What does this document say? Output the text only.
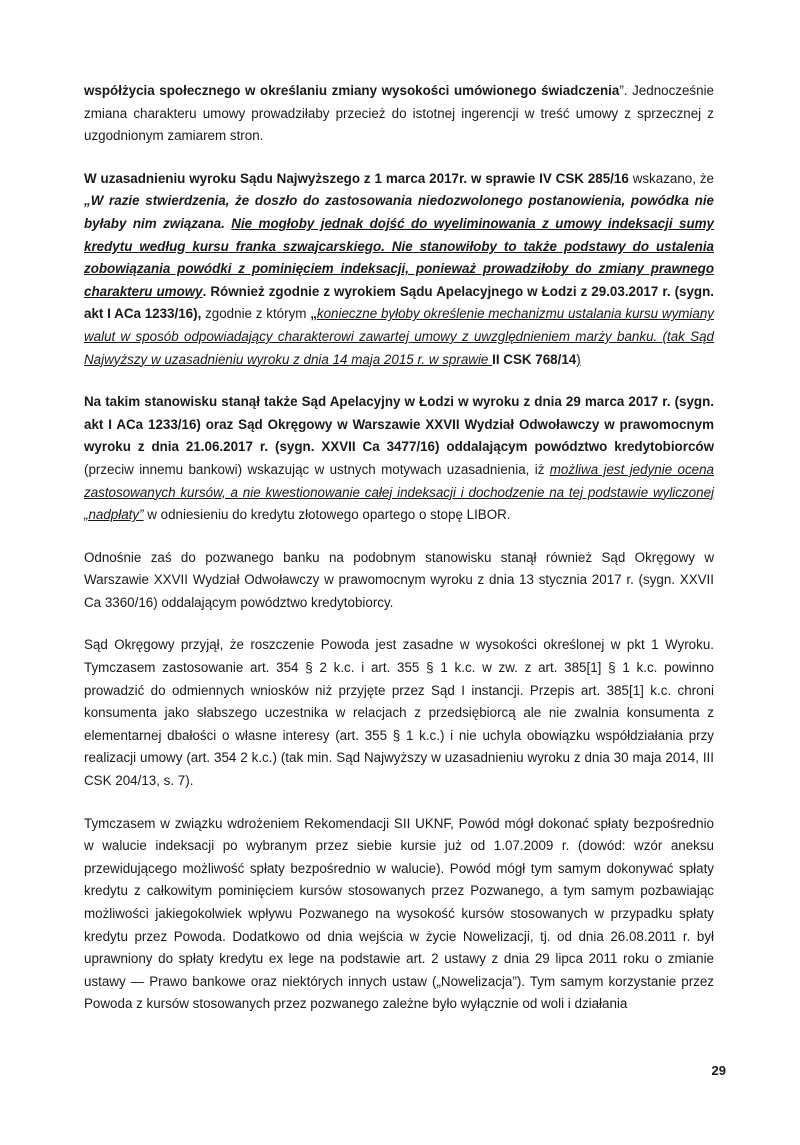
współżycia społecznego w określaniu zmiany wysokości umówionego świadczenia”. Jednocześnie zmiana charakteru umowy prowadziłaby przecież do istotnej ingerencji w treść umowy z sprzecznej z uzgodnionym zamiarem stron.

W uzasadnieniu wyroku Sądu Najwyższego z 1 marca 2017r. w sprawie IV CSK 285/16 wskazano, że „W razie stwierdzenia, że doszło do zastosowania niedozwolonego postanowienia, powódka nie byłaby nim związana. Nie mogłoby jednak dojść do wyeliminowania z umowy indeksacji sumy kredytu według kursu franka szwajcarskiego. Nie stanowiłoby to także podstawy do ustalenia zobowiązania powódki z pominięciem indeksacji, ponieważ prowadziłoby do zmiany prawnego charakteru umowy. Również zgodnie z wyrokiem Sądu Apelacyjnego w Łodzi z 29.03.2017 r. (sygn. akt I ACa 1233/16), zgodnie z którym „konieczne byłoby określenie mechanizmu ustalania kursu wymiany walut w sposób odpowiadający charakterowi zawartej umowy z uwzględnieniem marży banku. (tak Sąd Najwyższy w uzasadnieniu wyroku z dnia 14 maja 2015 r. w sprawie II CSK 768/14)

Na takim stanowisku stanął także Sąd Apelacyjny w Łodzi w wyroku z dnia 29 marca 2017 r. (sygn. akt I ACa 1233/16) oraz Sąd Okręgowy w Warszawie XXVII Wydział Odwoławczy w prawomocnym wyroku z dnia 21.06.2017 r. (sygn. XXVII Ca 3477/16) oddalającym powództwo kredytobiorców (przeciw innemu bankowi) wskazując w ustnych motywach uzasadnienia, iż możliwa jest jedynie ocena zastosowanych kursów, a nie kwestionowanie całej indeksacji i dochodzenie na tej podstawie wyliczonej „nadpłaty” w odniesieniu do kredytu złotowego opartego o stopę LIBOR.

Odnośnie zaś do pozwanego banku na podobnym stanowisku stanął również Sąd Okręgowy w Warszawie XXVII Wydział Odwoławczy w prawomocnym wyroku z dnia 13 stycznia 2017 r. (sygn. XXVII Ca 3360/16) oddalającym powództwo kredytobiorcy.

Sąd Okręgowy przyjął, że roszczenie Powoda jest zasadne w wysokości określonej w pkt 1 Wyroku. Tymczasem zastosowanie art. 354 § 2 k.c. i art. 355 § 1 k.c. w zw. z art. 385[1] § 1 k.c. powinno prowadzić do odmiennych wniosków niż przyjęte przez Sąd I instancji. Przepis art. 385[1] k.c. chroni konsumenta jako słabszego uczestnika w relacjach z przedsiębiorcą ale nie zwalnia konsumenta z elementarnej dbałości o własne interesy (art. 355 § 1 k.c.) i nie uchyla obowiązku współdziałania przy realizacji umowy (art. 354 2 k.c.) (tak min. Sąd Najwyższy w uzasadnieniu wyroku z dnia 30 maja 2014, III CSK 204/13, s. 7).

Tymczasem w związku wdrożeniem Rekomendacji SII UKNF, Powód mógł dokonać spłaty bezpośrednio w walucie indeksacji po wybranym przez siebie kursie już od 1.07.2009 r. (dowód: wzór aneksu przewidującego możliwość spłaty bezpośrednio w walucie). Powód mógł tym samym dokonywać spłaty kredytu z całkowitym pominięciem kursów stosowanych przez Pozwanego, a tym samym pozbawiając możliwości jakiegokolwiek wpływu Pozwanego na wysokość kursów stosowanych w przypadku spłaty kredytu przez Powoda. Dodatkowo od dnia wejścia w życie Nowelizacji, tj. od dnia 26.08.2011 r. był uprawniony do spłaty kredytu ex lege na podstawie art. 2 ustawy z dnia 29 lipca 2011 roku o zmianie ustawy — Prawo bankowe oraz niektórych innych ustaw („Nowelizacja”). Tym samym korzystanie przez Powoda z kursów stosowanych przez pozwanego zależne było wyłącznie od woli i działania

29
